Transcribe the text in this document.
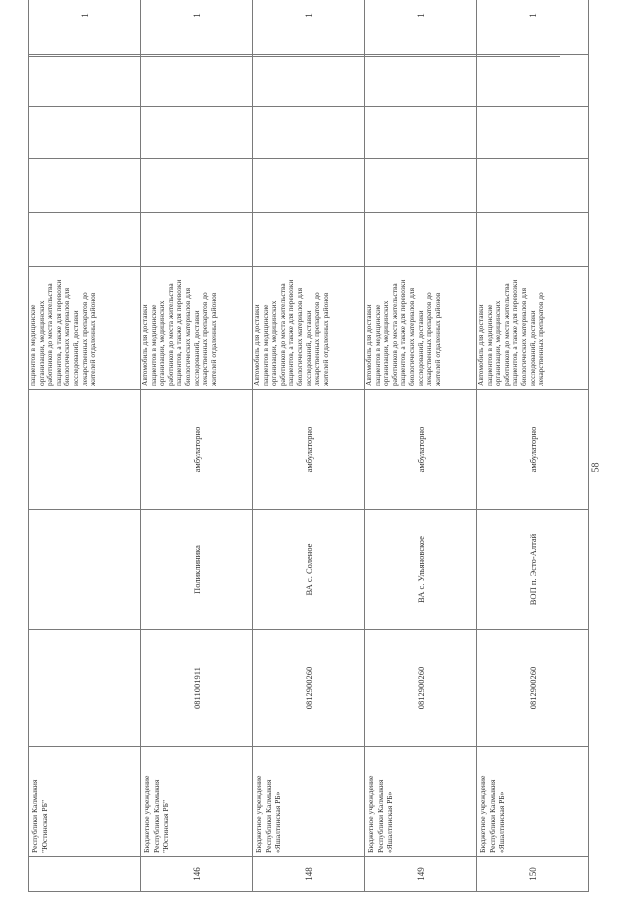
	Республики Калмыкия "Юстинская РБ"				пациентов в медицинские организации, медицинских работников до места жительства пациентов, а также для перевозки биологических материалов для исследований, доставки лекарственных препаратов до жителей отдаленных районов					1
146	Бюджетное учреждение Республики Калмыкия "Юстинская РБ"	0811001911	Поликлиника	амбулаторно	Автомобиль для доставки пациентов в медицинские организации, медицинских работников до места жительства пациентов, а также для перевозки биологических материалов для исследований, доставки лекарственных препаратов до жителей отдаленных районов					1
148	Бюджетное учреждение Республики Калмыкия «Яшалтинская РБ»	0812900260	ВА с. Соленое	амбулаторно	Автомобиль для доставки пациентов в медицинские организации, медицинских работников до места жительства пациентов, а также для перевозки биологических материалов для исследований, доставки лекарственных препаратов до жителей отдаленных районов					1
149	Бюджетное учреждение Республики Калмыкия «Яшалтинская РБ»	0812900260	ВА с. Ульяновское	амбулаторно	Автомобиль для доставки пациентов в медицинские организации, медицинских работников до места жительства пациентов, а также для перевозки биологических материалов для исследований, доставки лекарственных препаратов до жителей отдаленных районов					1
150	Бюджетное учреждение Республики Калмыкия «Яшалтинская РБ»	0812900260	ВОП п. Эсто-Алтай	амбулаторно	Автомобиль для доставки пациентов в медицинские организации, медицинских работников до места жительства пациентов, а также для перевозки биологических материалов для исследований, доставки лекарственных препаратов до					1
58
